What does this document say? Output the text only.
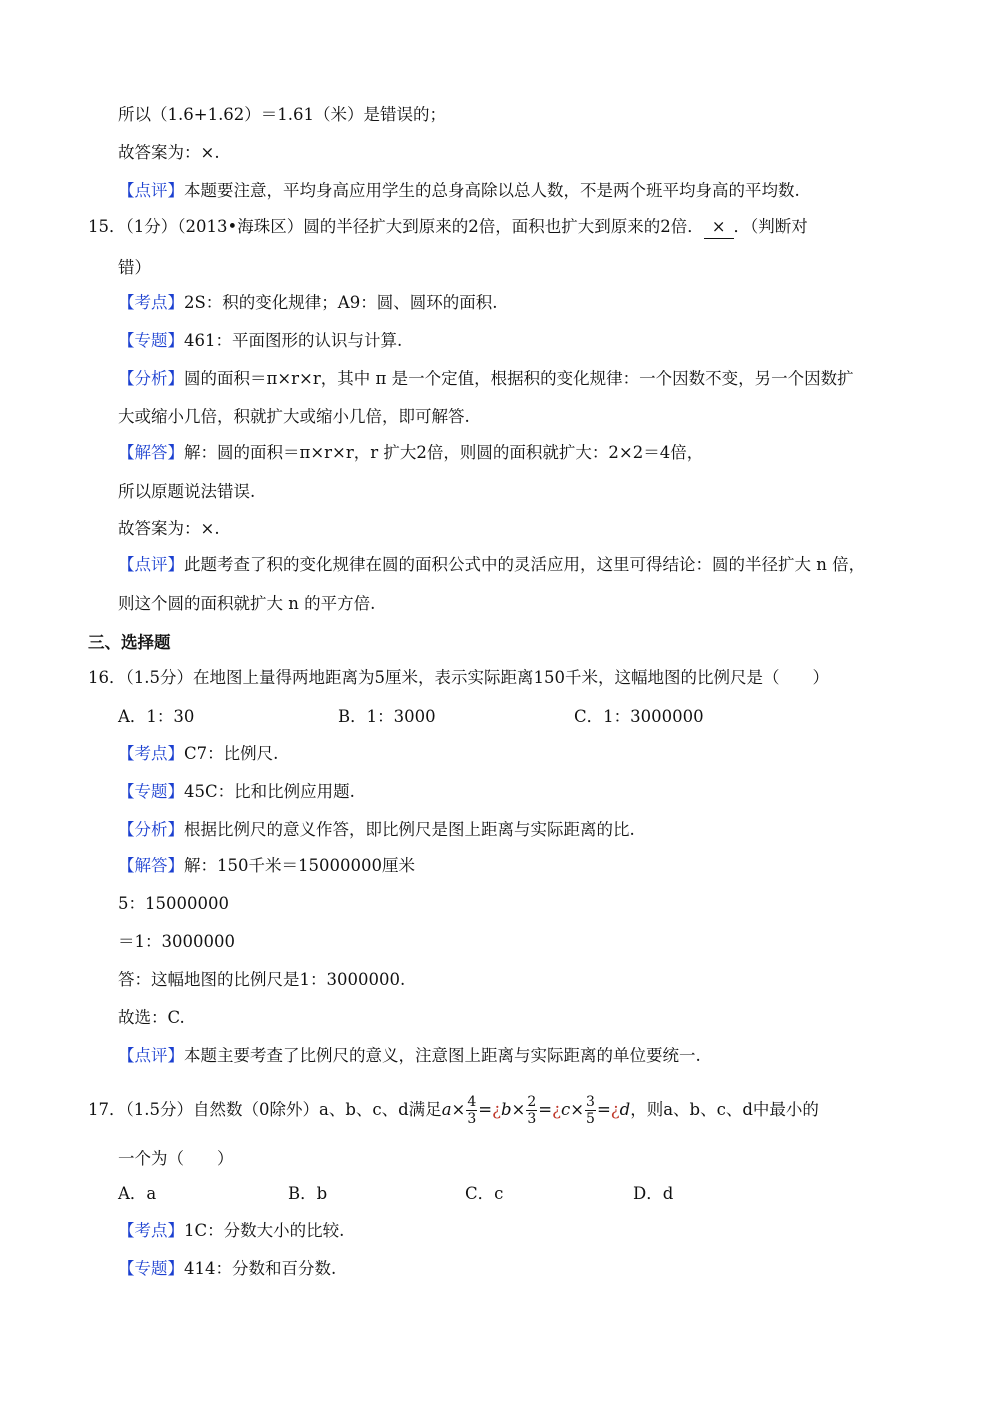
所以（1.6+1.62）＝1.61（米）是错误的；
故答案为：×.
【点评】本题要注意，平均身高应用学生的总身高除以总人数，不是两个班平均身高的平均数.
15．（1分）（2013•海珠区）圆的半径扩大到原来的2倍，面积也扩大到原来的2倍． × ．（判断对
错）
【考点】2S：积的变化规律；A9：圆、圆环的面积.
【专题】461：平面图形的认识与计算.
【分析】圆的面积＝π×r×r，其中 π 是一个定值，根据积的变化规律：一个因数不变，另一个因数扩
大或缩小几倍，积就扩大或缩小几倍，即可解答.
【解答】解：圆的面积＝π×r×r，r 扩大2倍，则圆的面积就扩大：2×2＝4倍，
所以原题说法错误.
故答案为：×.
【点评】此题考查了积的变化规律在圆的面积公式中的灵活应用，这里可得结论：圆的半径扩大 n 倍，
则这个圆的面积就扩大 n 的平方倍.
三、选择题
16．（1.5分）在地图上量得两地距离为5厘米，表示实际距离150千米，这幅地图的比例尺是（　　）
A．1：30	B．1：3000	C．1：3000000
【考点】C7：比例尺.
【专题】45C：比和比例应用题.
【分析】根据比例尺的意义作答，即比例尺是图上距离与实际距离的比.
【解答】解：150千米＝15000000厘米
5：15000000
＝1：3000000
答：这幅地图的比例尺是1：3000000.
故选：C.
【点评】本题主要考查了比例尺的意义，注意图上距离与实际距离的单位要统一.
17．（1.5分）自然数（0除外）a、b、c、d满足$a\times \frac{4}{3}$ =¿b× $\frac{2}{3}$ =¿c× $\frac{3}{5}$ =¿d，则a、b、c、d中最小的
一个为（　　）
A．a	B．b	C．c	D．d
【考点】1C：分数大小的比较.
【专题】414：分数和百分数.
